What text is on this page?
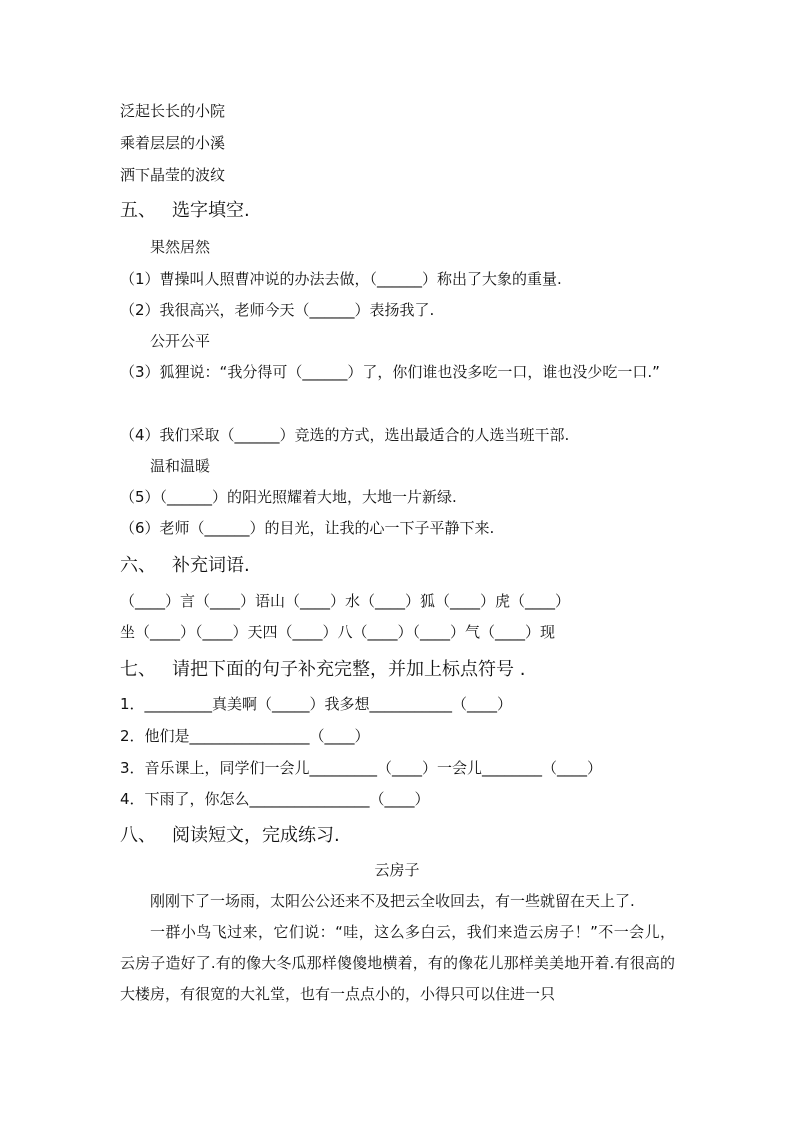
泛起长长的小院
乘着层层的小溪
洒下晶莹的波纹
五、 选字填空.
果然居然
（1）曹操叫人照曹冲说的办法去做，（______）称出了大象的重量.
（2）我很高兴，老师今天（______）表扬我了.
公开公平
（3）狐狸说：“我分得可（______）了，你们谁也没多吃一口，谁也没少吃一口.”
（4）我们采取（______）竞选的方式，选出最适合的人选当班干部.
温和温暖
（5）（______）的阳光照耀着大地，大地一片新绿.
（6）老师（______）的目光，让我的心一下子平静下来.
六、 补充词语.
（____）言（____）语山（____）水（____）狐（____）虎（____）
坐（____）（____）天四（____）八（____）（____）气（____）现
七、 请把下面的句子补充完整，并加上标点符号 .
1．_________真美啊（_____）我多想___________（____）
2．他们是________________（____）
3．音乐课上，同学们一会儿_________（____）一会儿________（____）
4．下雨了，你怎么________________（____）
八、 阅读短文，完成练习.
云房子
刚刚下了一场雨，太阳公公还来不及把云全收回去，有一些就留在天上了.
一群小鸟飞过来，它们说：“哇，这么多白云，我们来造云房子！”不一会儿，云房子造好了.有的像大冬瓜那样傻傻地横着，有的像花儿那样美美地开着.有很高的大楼房，有很宽的大礼堂，也有一点点小的，小得只可以住进一只
